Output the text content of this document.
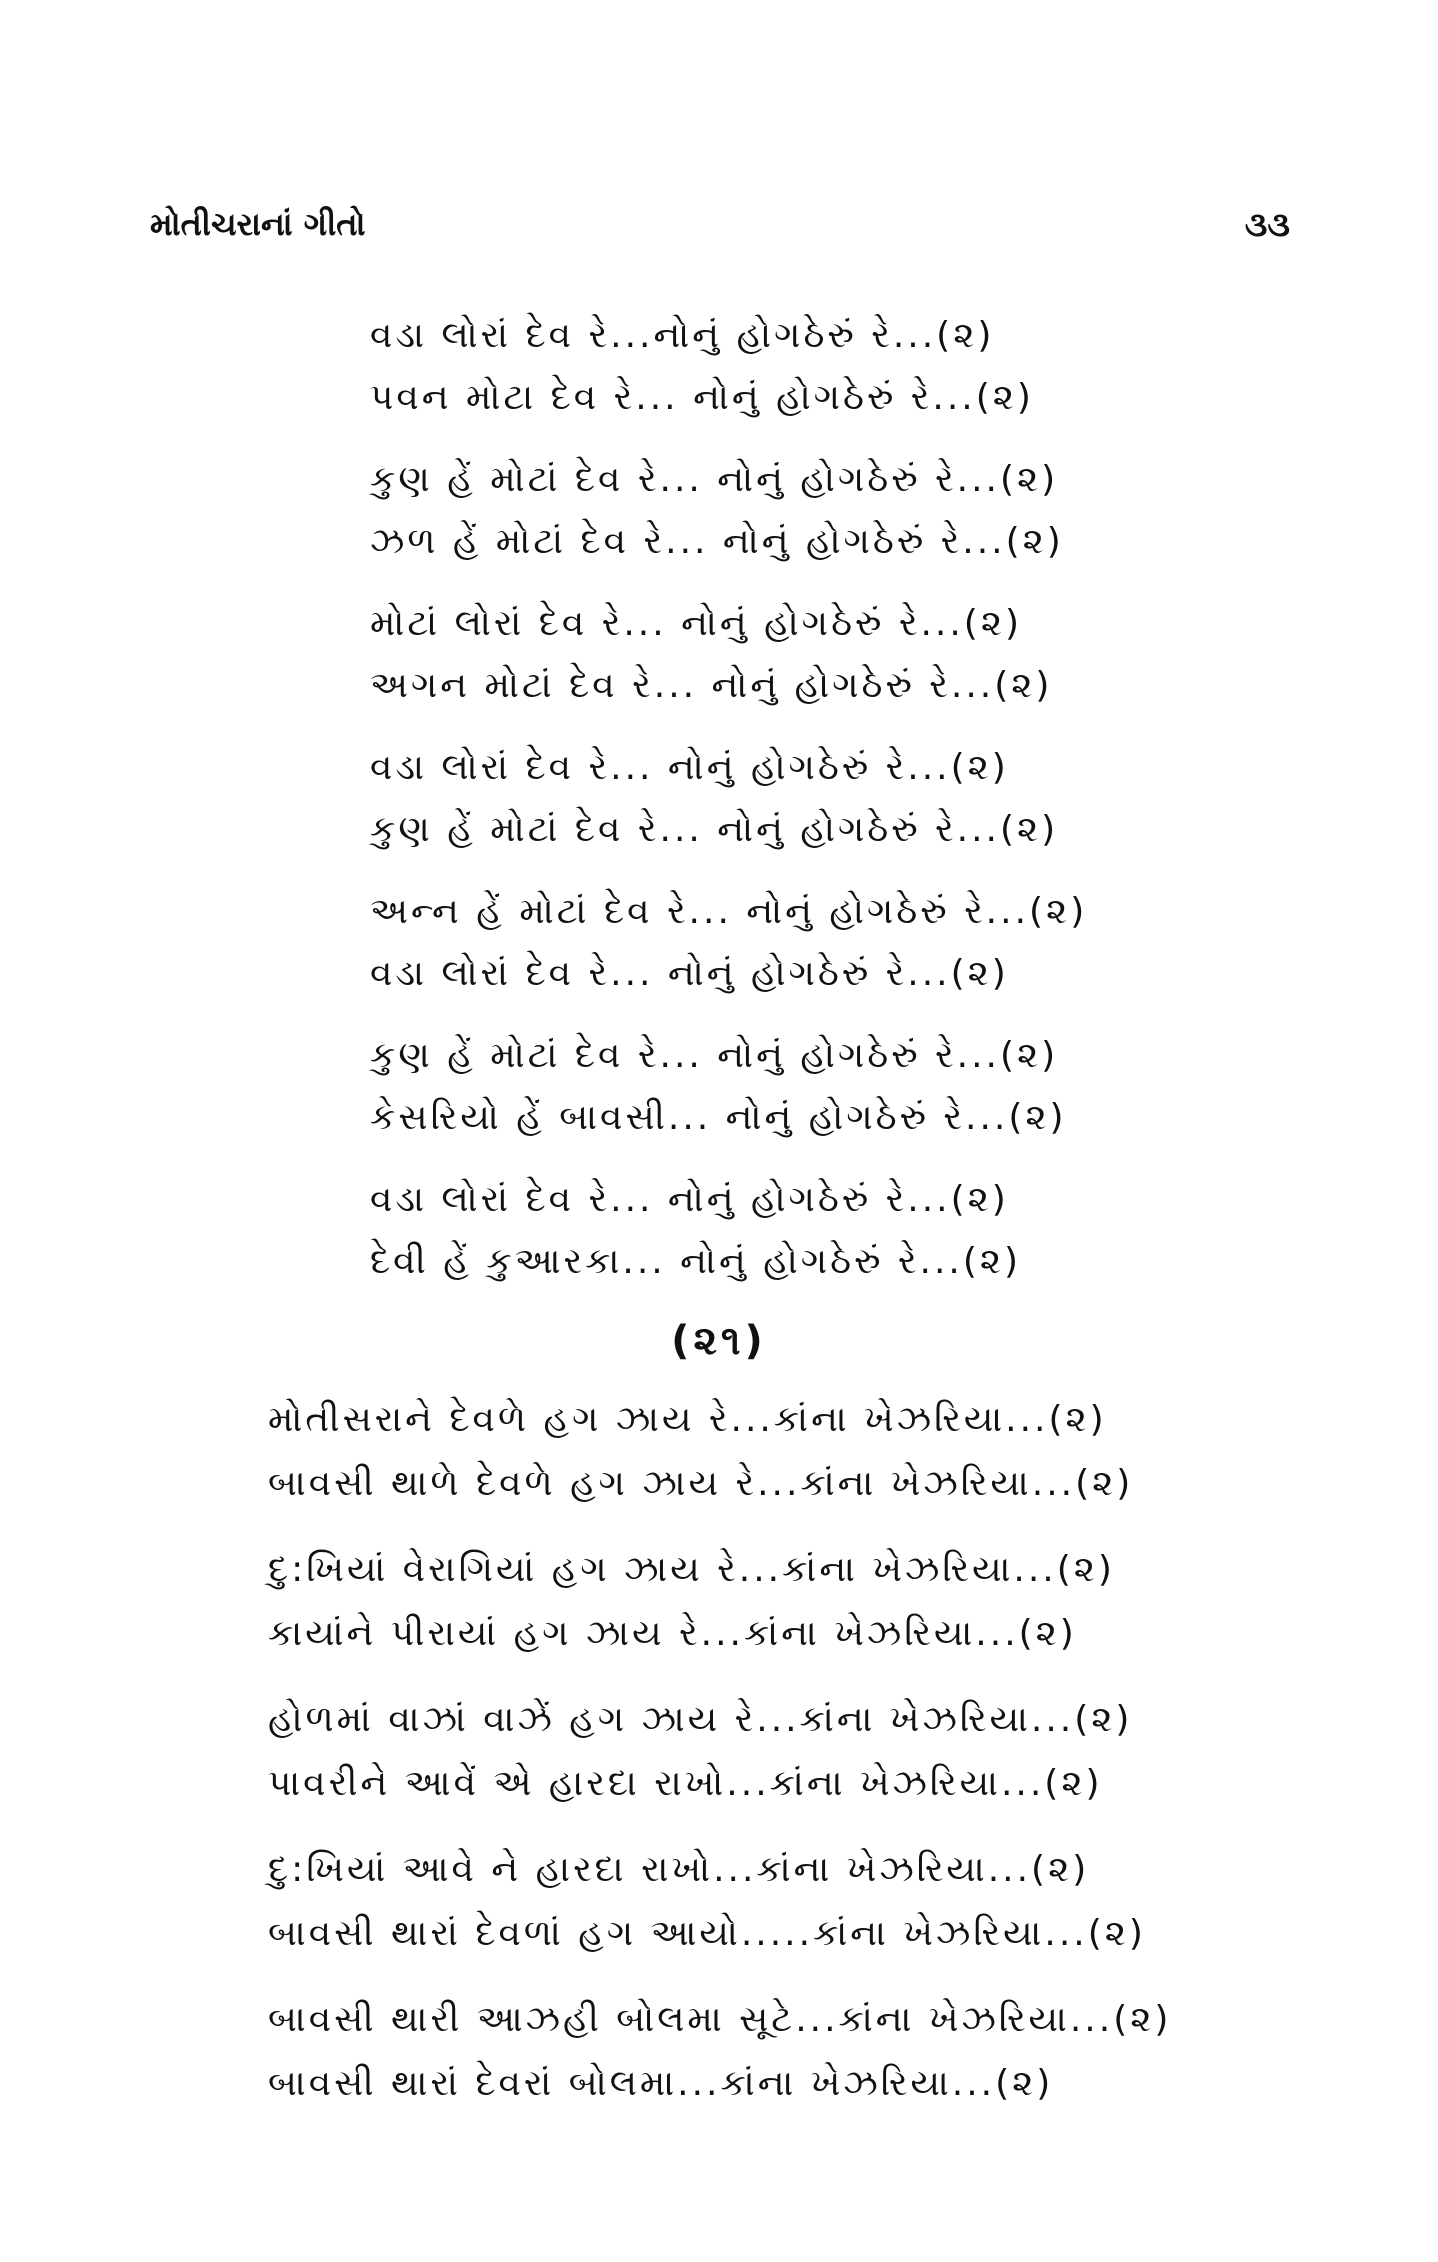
મોતીચરાનાં ગીતો	૩૩
વડા લોરાં દેવ રે...નોનું હોગઠેરું રે...(૨)
પવન મોટા દેવ રે... નોનું હોગઠેરું રે...(૨)
કુણ હેં મોટાં દેવ રે... નોનું હોગઠેરું રે...(૨)
ઝળ હેં મોટાં દેવ રે... નોનું હોગઠેરું રે...(૨)
મોટાં લોરાં દેવ રે... નોનું હોગઠેરું રે...(૨)
અગન મોટાં દેવ રે... નોનું હોગઠેરું રે...(૨)
વડા લોરાં દેવ રે... નોનું હોગઠેરું રે...(૨)
કુણ હેં મોટાં દેવ રે... નોનું હોગઠેરું રે...(૨)
અન્ન હેં મોટાં દેવ રે... નોનું હોગઠેરું રે...(૨)
વડા લોરાં દેવ રે... નોનું હોગઠેરું રે...(૨)
કુણ હેં મોટાં દેવ રે... નોનું હોગઠેરું રે...(૨)
કેસરિયો હેં બાવસી... નોનું હોગઠેરું રે...(૨)
વડા લોરાં દેવ રે... નોનું હોગઠેરું રે...(૨)
દેવી હેં કુઆરકા... નોનું હોગઠેરું રે...(૨)
(૨૧)
મોતીસરાને દેવળે હગ ઝાય રે...કાંના ખેઝરિયા...(૨)
બાવસી થાળે દેવળે હગ ઝાય રે...કાંના ખેઝરિયા...(૨)
દુ:ખિયાં વેરાગિયાં હગ ઝાય રે...કાંના ખેઝરિયા...(૨)
કાયાંને પીરાયાં હગ ઝાય રે...કાંના ખેઝરિયા...(૨)
હોળમાં વાઝાં વાઝેં હગ ઝાય રે...કાંના ખેઝરિયા...(૨)
પાવરીને આવેં એ હારદા રાખો...કાંના ખેઝરિયા...(૨)
દુ:ખિયાં આવે ને હારદા રાખો...કાંના ખેઝરિયા...(૨)
બાવસી થારાં દેવળાં હગ આયો.....કાંના ખેઝરિયા...(૨)
બાવસી થારી આઝહી બોલમા સૂટે...કાંના ખેઝરિયા...(૨)
બાવસી થારાં દેવરાં બોલમા...કાંના ખેઝરિયા...(૨)
